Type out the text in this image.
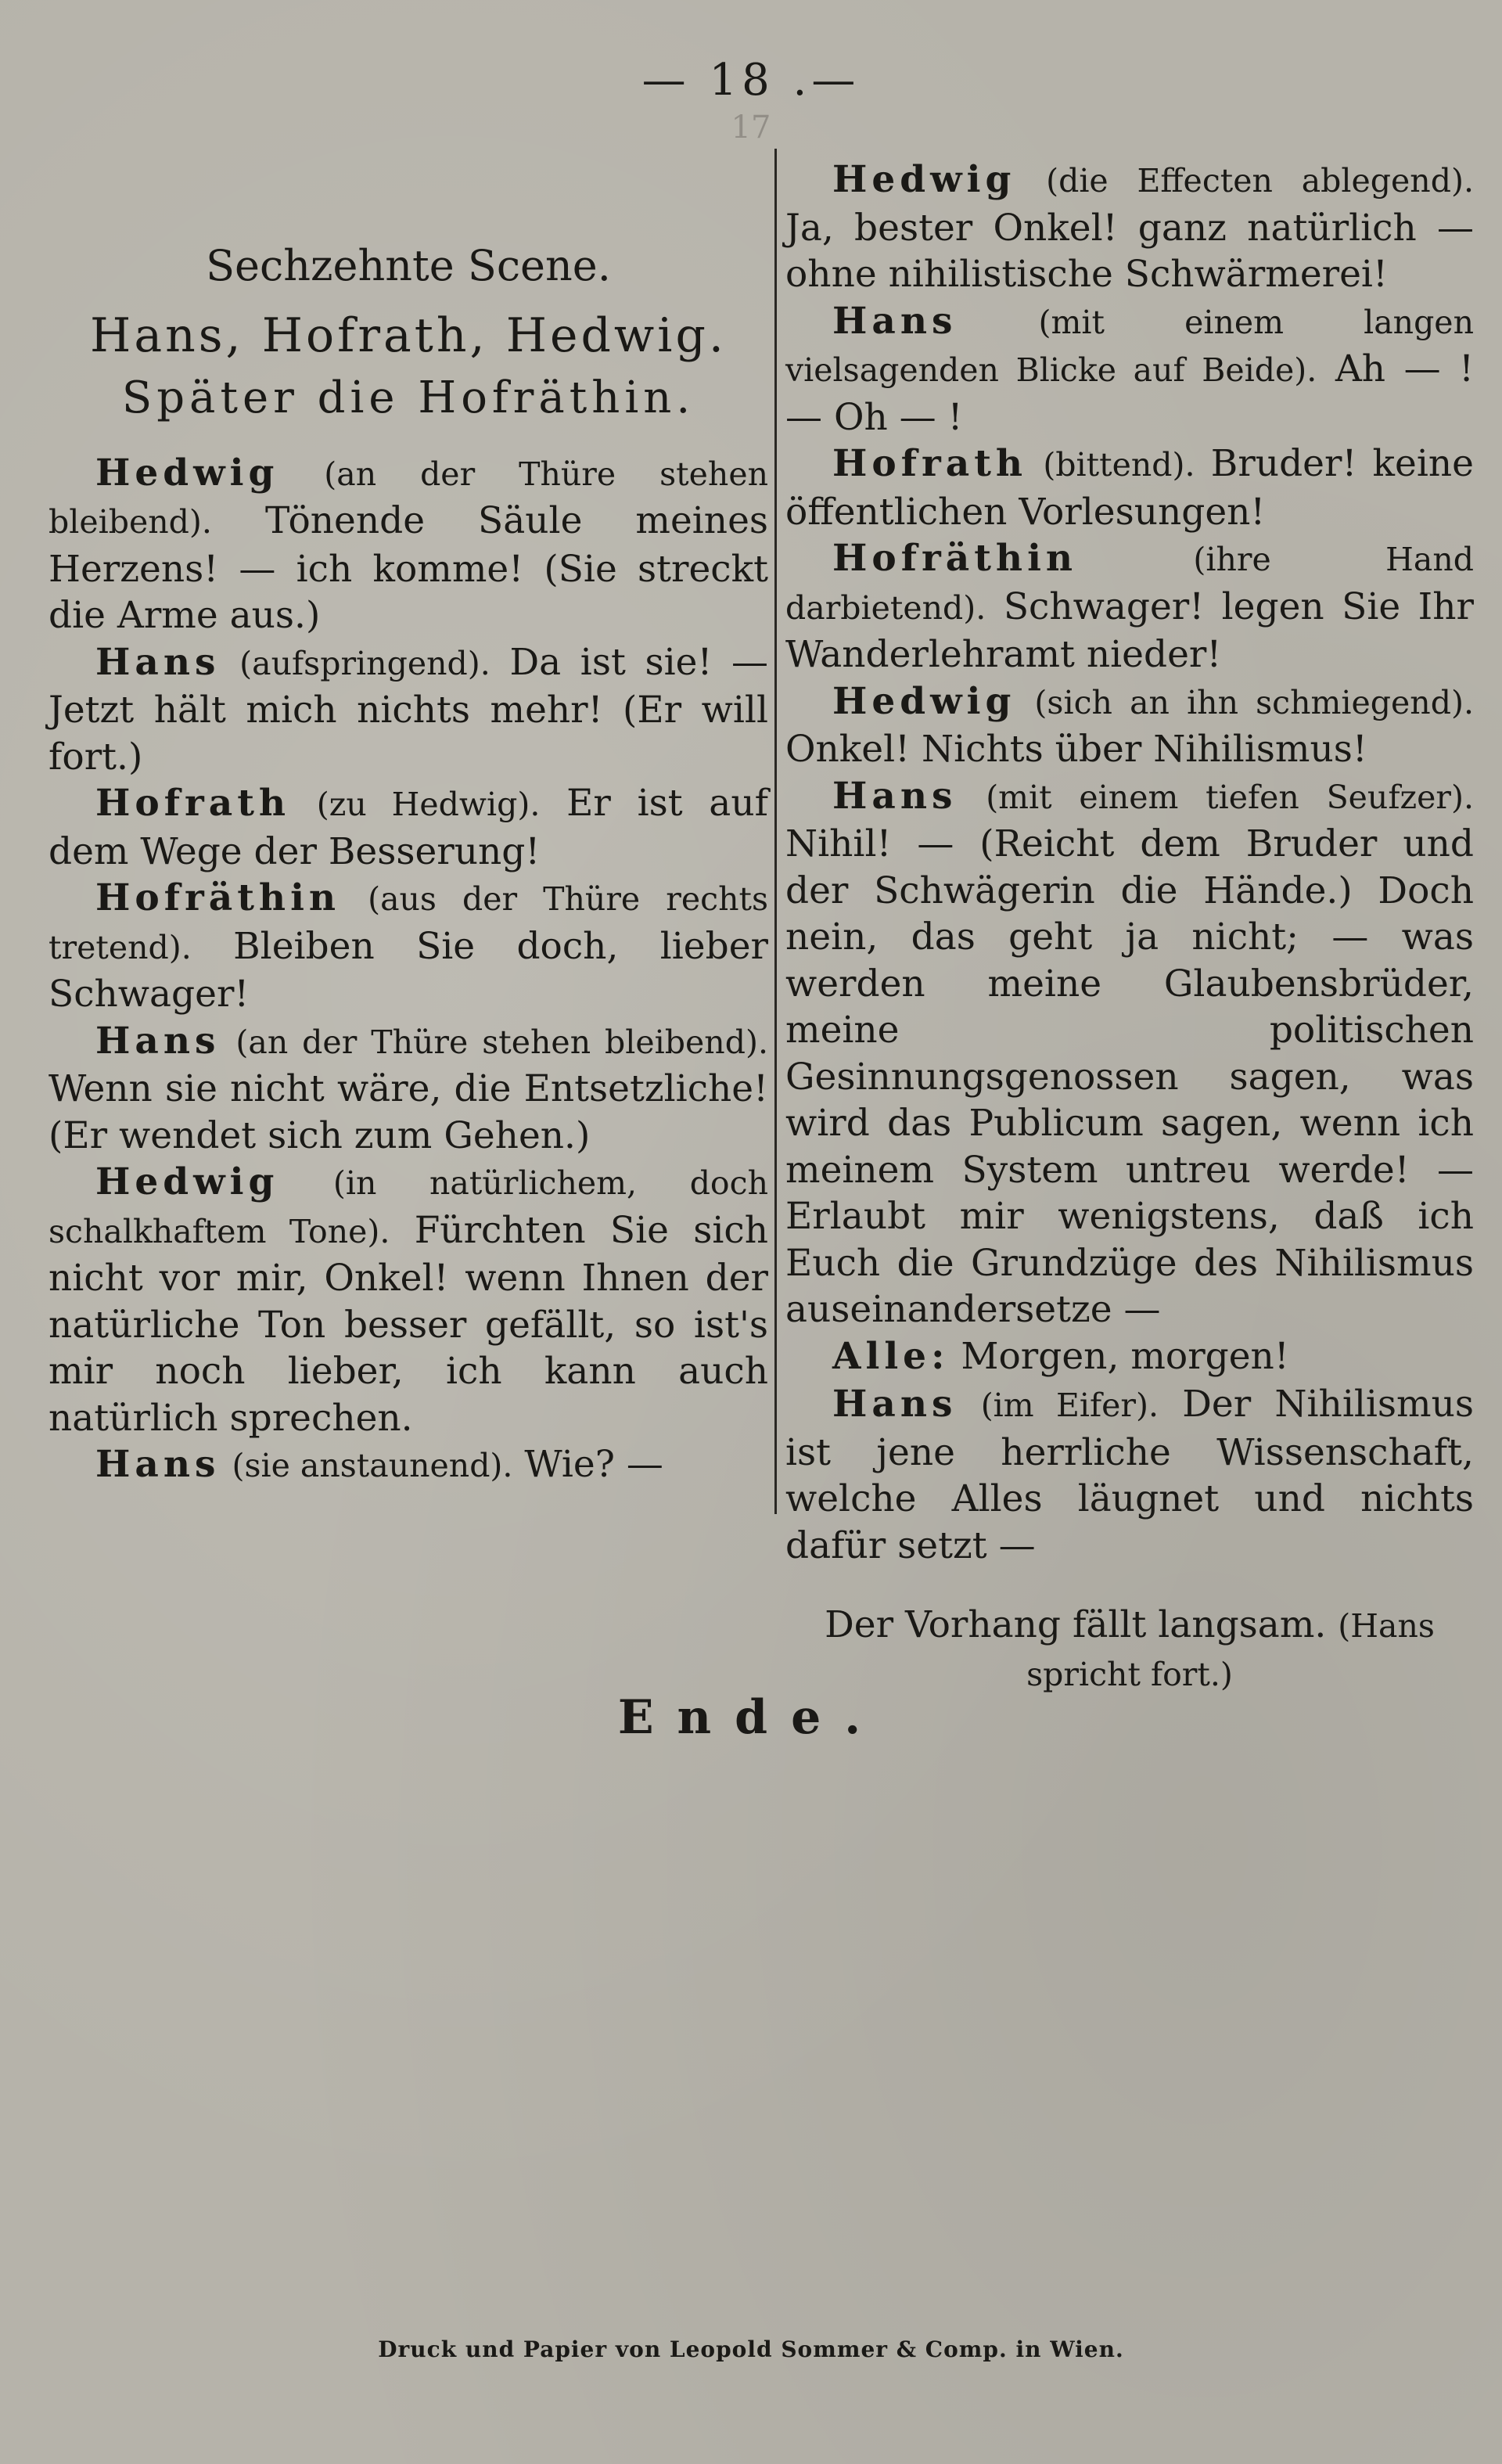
— 18 .—
17
Sechzehnte Scene.
Hans, Hofrath, Hedwig.
Später die Hofräthin.

Hedwig (an der Thüre stehen bleibend). Tönende Säule meines Herzens! — ich komme! (Sie streckt die Arme aus.)

Hans (aufspringend). Da ist sie! — Jetzt hält mich nichts mehr! (Er will fort.)

Hofrath (zu Hedwig). Er ist auf dem Wege der Besserung!

Hofräthin (aus der Thüre rechts tretend). Bleiben Sie doch, lieber Schwager!

Hans (an der Thüre stehen bleibend). Wenn sie nicht wäre, die Entsetzliche! (Er wendet sich zum Gehen.)

Hedwig (in natürlichem, doch schalkhaftem Tone). Fürchten Sie sich nicht vor mir, Onkel! wenn Ihnen der natürliche Ton besser gefällt, so ist's mir noch lieber, ich kann auch natürlich sprechen.

Hans (sie anstaunend). Wie? —

Hedwig (die Effecten ablegend). Ja, bester Onkel! ganz natürlich — ohne nihilistische Schwärmerei!

Hans	(mit einem langen vielsagenden Blicke auf Beide). Ah — ! — Oh — !

Hofrath (bittend). Bruder! keine öffentlichen Vorlesungen!

Hofräthin	(ihre Hand darbietend). Schwager! legen Sie Ihr Wanderlehramt nieder!

Hedwig (sich an ihn schmiegend). Onkel! Nichts über Nihilismus!

Hans (mit einem tiefen Seufzer). Nihil! — (Reicht dem Bruder und der Schwägerin die Hände.) Doch nein, das geht ja nicht; — was werden meine Glaubensbrüder, meine politischen Gesinnungsgenossen sagen, was wird das Publicum sagen, wenn ich meinem System untreu werde! — Erlaubt mir wenigstens, daß ich Euch die Grundzüge des Nihilismus auseinandersetze —

Alle: Morgen, morgen!

Hans (im Eifer). Der Nihilismus ist jene herrliche Wissenschaft, welche Alles läugnet und nichts dafür setzt —

Der Vorhang fällt langsam. (Hans spricht fort.)

Ende.
Druck und Papier von Leopold Sommer & Comp. in Wien.
